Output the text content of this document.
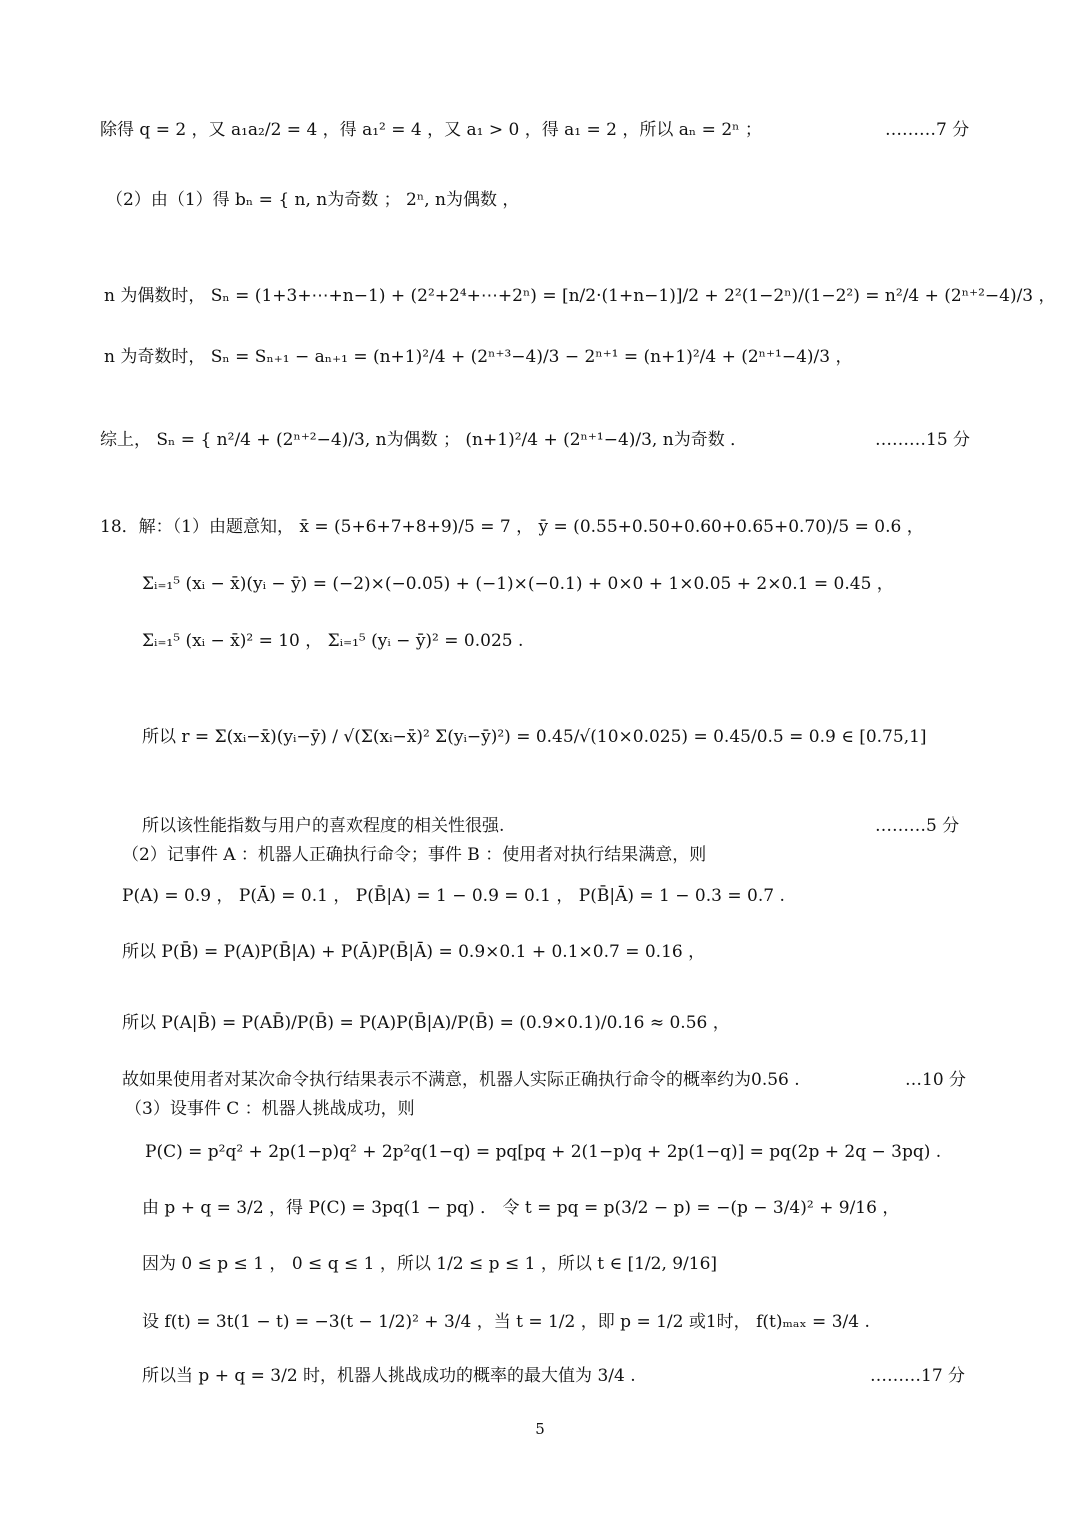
除得 q = 2 ，又 a₁a₂/2 = 4 ，得 a₁² = 4 ，又 a₁ > 0 ，得 a₁ = 2 ，所以 aₙ = 2ⁿ ；	………7 分
（2）由（1）得 bₙ = { n, n为奇数 ； 2ⁿ, n为偶数 ，
n 为偶数时， Sₙ = (1+3+⋯+n−1) + (2²+2⁴+⋯+2ⁿ) = [n/2·(1+n−1)]/2 + 2²(1−2ⁿ)/(1−2²) = n²/4 + (2ⁿ⁺²−4)/3 ，
n 为奇数时， Sₙ = Sₙ₊₁ − aₙ₊₁ = (n+1)²/4 + (2ⁿ⁺³−4)/3 − 2ⁿ⁺¹ = (n+1)²/4 + (2ⁿ⁺¹−4)/3 ，
综上， Sₙ = { n²/4 + (2ⁿ⁺²−4)/3, n为偶数 ； (n+1)²/4 + (2ⁿ⁺¹−4)/3, n为奇数 ．	………15 分
18．解：（1）由题意知， x̄ = (5+6+7+8+9)/5 = 7 ， ȳ = (0.55+0.50+0.60+0.65+0.70)/5 = 0.6 ，
Σᵢ₌₁⁵ (xᵢ − x̄)(yᵢ − ȳ) = (−2)×(−0.05) + (−1)×(−0.1) + 0×0 + 1×0.05 + 2×0.1 = 0.45 ，
Σᵢ₌₁⁵ (xᵢ − x̄)² = 10 ， Σᵢ₌₁⁵ (yᵢ − ȳ)² = 0.025 .
所以 r = Σ(xᵢ−x̄)(yᵢ−ȳ) / √(Σ(xᵢ−x̄)² Σ(yᵢ−ȳ)²) = 0.45/√(10×0.025) = 0.45/0.5 = 0.9 ∈ [0.75,1]
所以该性能指数与用户的喜欢程度的相关性很强.	………5 分
（2）记事件 A ：机器人正确执行命令；事件 B ：使用者对执行结果满意，则
P(A) = 0.9 ， P(Ā) = 0.1 ， P(B̄|A) = 1 − 0.9 = 0.1 ， P(B̄|Ā) = 1 − 0.3 = 0.7 .
所以 P(B̄) = P(A)P(B̄|A) + P(Ā)P(B̄|Ā) = 0.9×0.1 + 0.1×0.7 = 0.16 ，
所以 P(A|B̄) = P(AB̄)/P(B̄) = P(A)P(B̄|A)/P(B̄) = (0.9×0.1)/0.16 ≈ 0.56 ，
故如果使用者对某次命令执行结果表示不满意，机器人实际正确执行命令的概率约为0.56 .	…10 分
（3）设事件 C ：机器人挑战成功，则
P(C) = p²q² + 2p(1−p)q² + 2p²q(1−q) = pq[pq + 2(1−p)q + 2p(1−q)] = pq(2p + 2q − 3pq) .
由 p + q = 3/2 ，得 P(C) = 3pq(1 − pq) ． 令 t = pq = p(3/2 − p) = −(p − 3/4)² + 9/16 ，
因为 0 ≤ p ≤ 1 ， 0 ≤ q ≤ 1 ，所以 1/2 ≤ p ≤ 1 ，所以 t ∈ [1/2, 9/16]
设 f(t) = 3t(1 − t) = −3(t − 1/2)² + 3/4 ，当 t = 1/2 ，即 p = 1/2 或1时， f(t)ₘₐₓ = 3/4 .
所以当 p + q = 3/2 时，机器人挑战成功的概率的最大值为 3/4 .	………17 分
5
